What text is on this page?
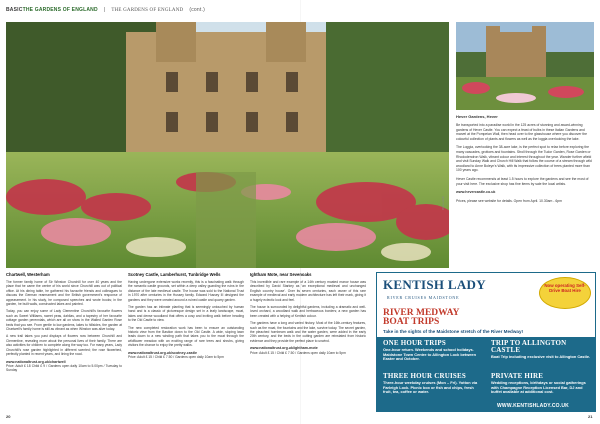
BASICTHE GARDENS OF ENGLAND | THE GARDENS OF ENGLAND (cont.)
Photo credit
Hever Gardens, Hever

Be transported into a paradise world in the 125 acres of stunning and award-winning gardens of Hever Castle. You can expect a feast of bulbs in these Italian Gardens and marvel at the Pompeian Wall, then head over to the glasshouse where you discover the colourful collection of plants and flowers as well as the loggia overlooking the lake.

The Loggia, overlooking the 38-acre lake, is the perfect spot to relax before exploring the many cascades, grottoes and fountains. Stroll through the Tudor Garden, Rose Garden or Rhododendron Walk, vibrant colour and interest throughout the year. Wander further afield and visit Sunday Walk and Church Hill Walk that follow the course of a stream through wild woodland to Anne Boleyn's Walk, with its impressive collection of trees planted more than 100 years ago.

Hever Castle recommends at least 1.5 hours to explore the gardens and see the most of your visit here. The exclusive shop has fine items by sale the local artists.

www.hevercastle.co.uk

Prices, please see website for details. Open from April. 10.30am - 6pm

Chartwell, Westerham

The former family home of Sir Winston Churchill for over 40 years and the place that he came the centre of his world since Churchill was out of political office. At his dining table, he gathered his favourite friends and colleagues to discuss the German rearmament and the British government's response of appeasement. In his study, he composed speeches and wrote books; in the garden, he built walls, constructed lakes and painted.

Today, you can enjoy some of Lady Clementine Churchill's favourite flowers such as Sweet Williams, sweet peas, dahlias, and a tapestry of her favourite cottage garden perennials, which are all on show in the Walled Garden Rose beds that you see. From gentle to low gardens, lakes to hillsides, the garden at Chartwell's family home is still as vibrant as when Winston was alive today.

A new trail takes you past displays of flowers now between Churchill and Clementine, revealing more about the personal lives of their family. There are also activities for children to complete along the way too. For many years, Lady Churchill's rose garden highlighted in different scented; the rose flowerbed, perfectly planted in recent years, and lining the road.

www.nationaltrust.org.uk/chartwell

Price: Adult £ 18 Child £ 9 / Gardens open daily 10am to 5.00pm / Tuesday to Sunday

Scotney Castle, Lamberhurst, Tunbridge Wells

Having undergone extensive works recently, this is a fascinating walk through the romantic castle grounds, set within a deep valley guarding the ruins in the distance of the late medieval castle. The house was sold to the National Trust in 1970 after centuries in the Hussey family. Edward Hussey III designed the gardens and they were created around a ruined castle and quarry garden.

The garden has an intimate planting that is seemingly untouched by human hand and is a classic of picturesque design set in a leafy landscape, moat, lakes and dense woodland that offers a cosy and inviting walk before heading to the Old Castle to view.

The new completed restoration work has been to ensure an outstanding historic view from the Bastion down to the Old Castle. A wide, sloping lawn leads down to a new winding path that takes you to the moat through the wildflower meadow with an exciting range of rare trees and shrubs, giving visitors the chance to enjoy the pretty walks.

www.nationaltrust.org.uk/scotney-castle

Price: Adult £ 15 / Child £ 7.50 / Gardens open daily 10am to 5pm

Ightham Mote, near Sevenoaks

This incredible and rare example of a 14th century moated manor house was described by David Starkey as 'an exceptional medieval and unchanged English country house'. Over its seven centuries, each owner of this rare example of medieval and early modern architecture has left their mark, giving it a hugely eclectic look and feel.

The house is surrounded by delightful gardens, including a dramatic and well-loved orchard, a woodland walk and herbaceous borders; a new garden has been created with a helping of Kentish colour.

The gardens have a long and varied history. Most of the 16th-century features, such as the moat, the fountains and the lake, survive today. The secret garden, the pleached hornbeam walk and the water garden, were added in the early 20th century, and the beds in the cutting garden are reinstated from historic evidence and they provide the perfect place to unwind.

www.nationaltrust.org.uk/ightham-mote

Price: Adult £ 15 / Child £ 7.50 / Gardens open daily 10am to 5pm

KENTISH LADY
RIVER CRUISES MAIDSTONE
Now operating Self-Drive Boat Hire
RIVER MEDWAY
BOAT TRIPS
Take in the sights of the Maidstone stretch of the River Medway!
ONE HOUR TRIPS

One-hour return. Weekends and school holidays. Maidstone Town Centre to Allington Lock between Easter and October.

TRIP TO ALLINGTON CASTLE

Boat Trip including exclusive visit to Allington Castle.

THREE HOUR CRUISES

Three-hour weekday cruises (Mon – Fri). Yotton via Farleigh Lock. Picnic box or fish and chips, fresh fruit, tea, coffee or water.

PRIVATE HIRE

Wedding receptions, birthdays or social gatherings with Champagne Reception Licensed Bar, DJ and buffet available at additional cost.

WWW.KENTISHLADY.CO.UK
20	21
